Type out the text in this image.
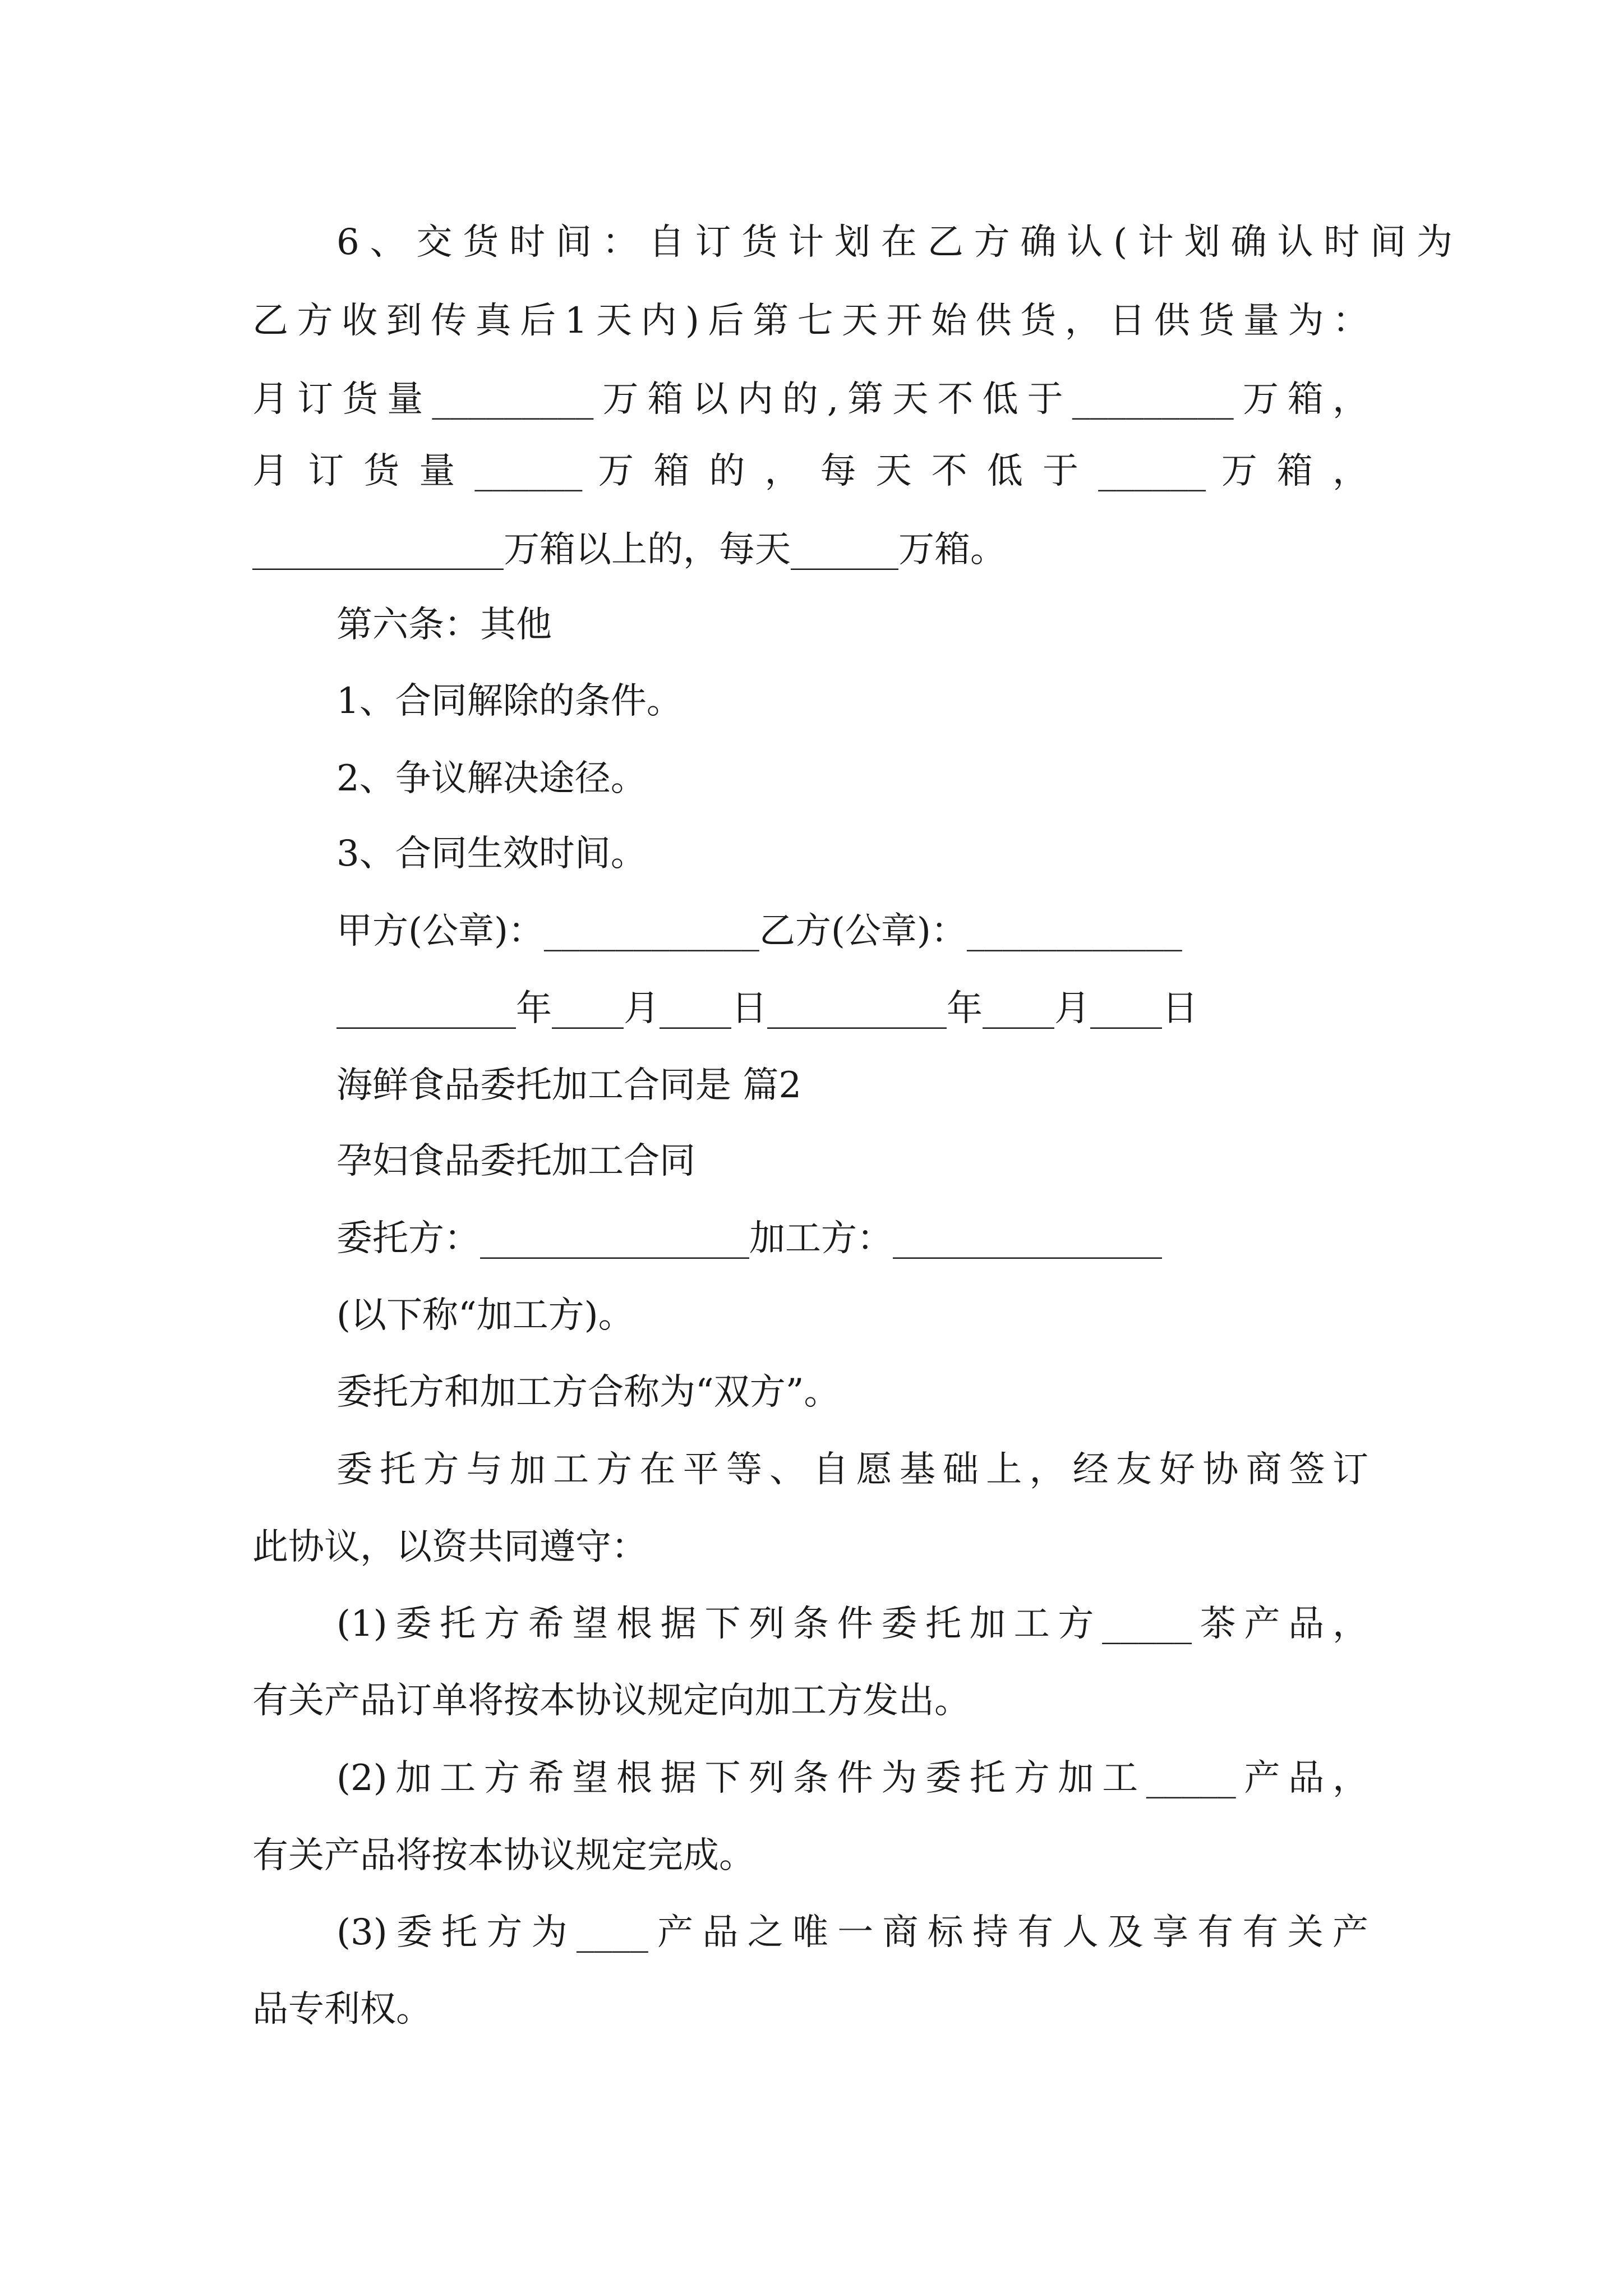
6、交货时间：自订货计划在乙方确认(计划确认时间为
乙方收到传真后1天内)后第七天开始供货，日供货量为：
月订货量_________万箱以内的,第天不低于_________万箱，
月 订 货 量 ______ 万 箱 的 ， 每 天 不 低 于 ______ 万 箱 ，
______________万箱以上的，每天______万箱。
第六条：其他
1、合同解除的条件。
2、争议解决途径。
3、合同生效时间。
甲方(公章)：____________乙方(公章)：____________
__________年____月____日__________年____月____日
海鲜食品委托加工合同是 篇2
孕妇食品委托加工合同
委托方：_______________加工方：_______________
(以下称“加工方)。
委托方和加工方合称为“双方”。
委托方与加工方在平等、自愿基础上，经友好协商签订
此协议，以资共同遵守：
(1)委托方希望根据下列条件委托加工方_____茶产品，
有关产品订单将按本协议规定向加工方发出。
(2)加工方希望根据下列条件为委托方加工_____产品，
有关产品将按本协议规定完成。
(3)委托方为____产品之唯一商标持有人及享有有关产
品专利权。
